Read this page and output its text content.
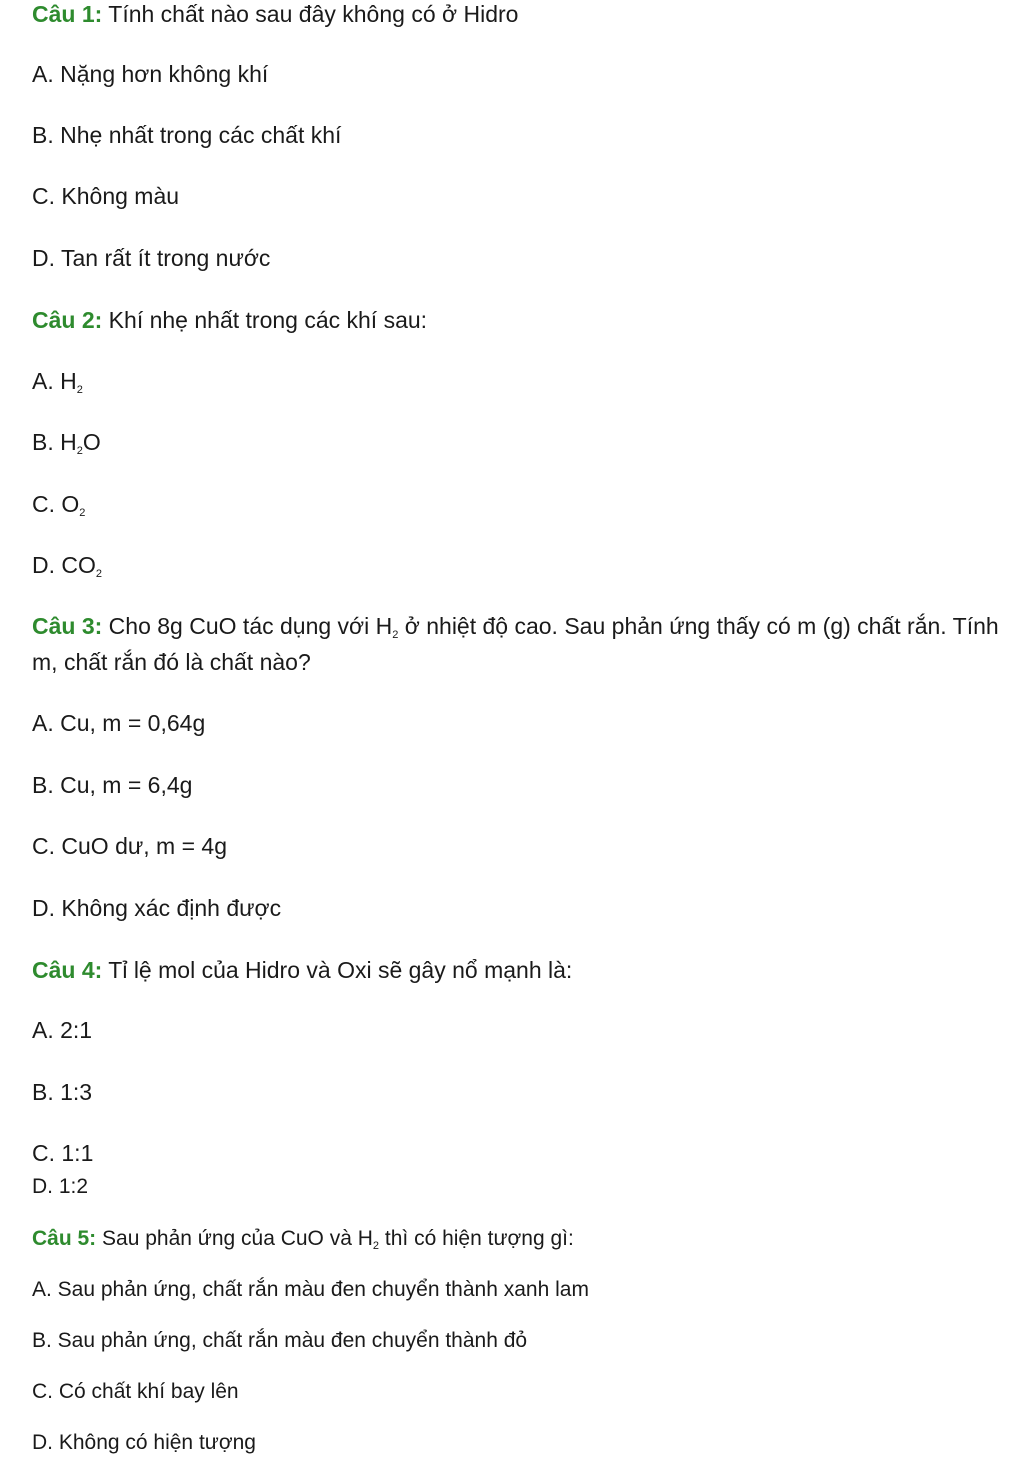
Câu 1: Tính chất nào sau đây không có ở Hidro
A. Nặng hơn không khí
B. Nhẹ nhất trong các chất khí
C. Không màu
D. Tan rất ít trong nước
Câu 2: Khí nhẹ nhất trong các khí sau:
A. $H_2$
B. $H_2O$
C. $O_2$
D. $CO_2$
Câu 3: Cho 8g CuO tác dụng với $H_2$ ở nhiệt độ cao. Sau phản ứng thấy có m (g) chất rắn. Tính m, chất rắn đó là chất nào?
A. Cu, m = 0,64g
B. Cu, m = 6,4g
C. CuO dư, m = 4g
D. Không xác định được
Câu 4: Tỉ lệ mol của Hidro và Oxi sẽ gây nổ mạnh là:
A. 2:1
B. 1:3
C. 1:1
D. 1:2
Câu 5: Sau phản ứng của CuO và $H_2$ thì có hiện tượng gì:
A. Sau phản ứng, chất rắn màu đen chuyển thành xanh lam
B. Sau phản ứng, chất rắn màu đen chuyển thành đỏ
C. Có chất khí bay lên
D. Không có hiện tượng
